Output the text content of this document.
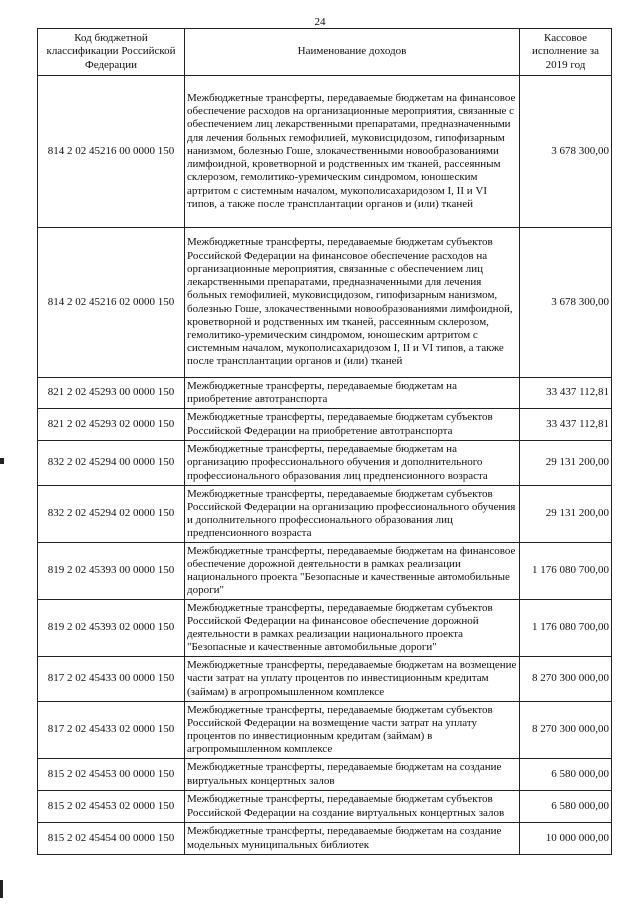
24
Код бюджетной классификации Российской Федерации	Наименование доходов	Кассовое исполнение за 2019 год
814 2 02 45216 00 0000 150	Межбюджетные трансферты, передаваемые бюджетам на финансовое обеспечение расходов на организационные мероприятия, связанные с обеспечением лиц лекарственными препаратами, предназначенными для лечения больных гемофилией, муковисцидозом, гипофизарным нанизмом, болезнью Гоше, злокачественными новообразованиями лимфоидной, кроветворной и родственных им тканей, рассеянным склерозом, гемолитико-уремическим синдромом, юношеским артритом с системным началом, мукополисахаридозом I, II и VI типов, а также после трансплантации органов и (или) тканей	3 678 300,00
814 2 02 45216 02 0000 150	Межбюджетные трансферты, передаваемые бюджетам субъектов Российской Федерации на финансовое обеспечение расходов на организационные мероприятия, связанные с обеспечением лиц лекарственными препаратами, предназначенными для лечения больных гемофилией, муковисцидозом, гипофизарным нанизмом, болезнью Гоше, злокачественными новообразованиями лимфоидной, кроветворной и родственных им тканей, рассеянным склерозом, гемолитико-уремическим синдромом, юношеским артритом с системным началом, мукополисахаридозом I, II и VI типов, а также после трансплантации органов и (или) тканей	3 678 300,00
821 2 02 45293 00 0000 150	Межбюджетные трансферты, передаваемые бюджетам на приобретение автотранспорта	33 437 112,81
821 2 02 45293 02 0000 150	Межбюджетные трансферты, передаваемые бюджетам субъектов Российской Федерации на приобретение автотранспорта	33 437 112,81
832 2 02 45294 00 0000 150	Межбюджетные трансферты, передаваемые бюджетам на организацию профессионального обучения и дополнительного профессионального образования лиц предпенсионного возраста	29 131 200,00
832 2 02 45294 02 0000 150	Межбюджетные трансферты, передаваемые бюджетам субъектов Российской Федерации на организацию профессионального обучения и дополнительного профессионального образования лиц предпенсионного возраста	29 131 200,00
819 2 02 45393 00 0000 150	Межбюджетные трансферты, передаваемые бюджетам на финансовое обеспечение дорожной деятельности в рамках реализации национального проекта "Безопасные и качественные автомобильные дороги"	1 176 080 700,00
819 2 02 45393 02 0000 150	Межбюджетные трансферты, передаваемые бюджетам субъектов Российской Федерации на финансовое обеспечение дорожной деятельности в рамках реализации национального проекта "Безопасные и качественные автомобильные дороги"	1 176 080 700,00
817 2 02 45433 00 0000 150	Межбюджетные трансферты, передаваемые бюджетам на возмещение части затрат на уплату процентов по инвестиционным кредитам (займам) в агропромышленном комплексе	8 270 300 000,00
817 2 02 45433 02 0000 150	Межбюджетные трансферты, передаваемые бюджетам субъектов Российской Федерации на возмещение части затрат на уплату процентов по инвестиционным кредитам (займам) в агропромышленном комплексе	8 270 300 000,00
815 2 02 45453 00 0000 150	Межбюджетные трансферты, передаваемые бюджетам на создание виртуальных концертных залов	6 580 000,00
815 2 02 45453 02 0000 150	Межбюджетные трансферты, передаваемые бюджетам субъектов Российской Федерации на создание виртуальных концертных залов	6 580 000,00
815 2 02 45454 00 0000 150	Межбюджетные трансферты, передаваемые бюджетам на создание модельных муниципальных библиотек	10 000 000,00
